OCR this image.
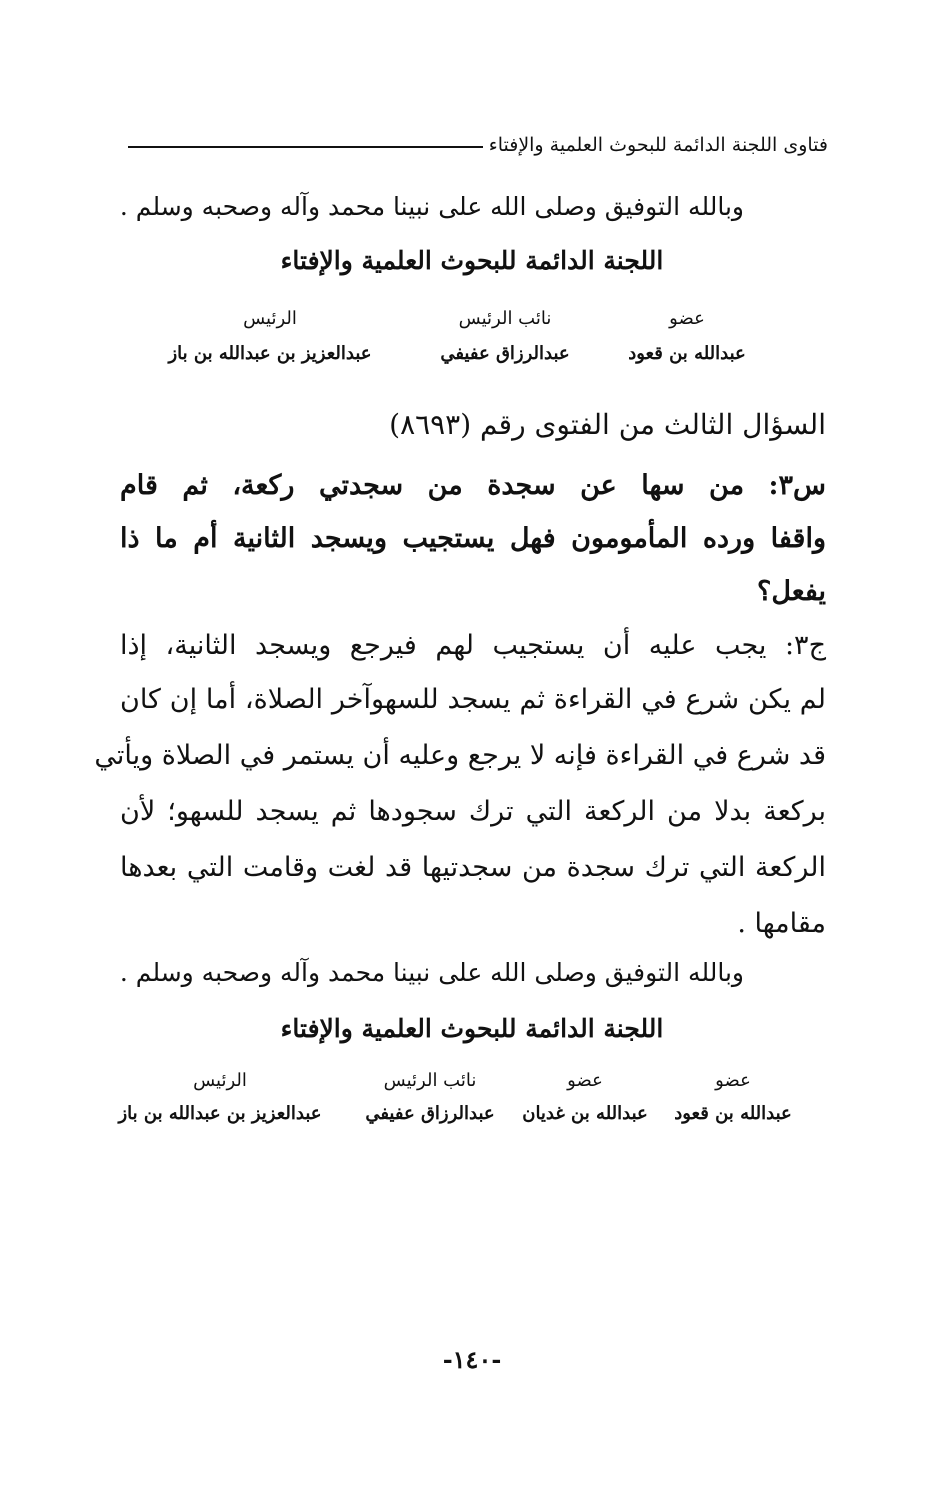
فتاوى اللجنة الدائمة للبحوث العلمية والإفتاء
وبالله التوفيق وصلى الله على نبينا محمد وآله وصحبه وسلم .
اللجنة الدائمة للبحوث العلمية والإفتاء
عضو
عبدالله بن قعود
نائب الرئيس
عبدالرزاق عفيفي
الرئيس
عبدالعزيز بن عبدالله بن باز
السؤال الثالث من الفتوى رقم (٨٦٩٣)
س٣: من سها عن سجدة من سجدتي ركعة، ثم قام
واقفا ورده المأمومون فهل يستجيب ويسجد الثانية أم ما ذا
يفعل؟
ج٣: يجب عليه أن يستجيب لهم فيرجع ويسجد الثانية، إذا
لم يكن شرع في القراءة ثم يسجد للسهوآخر الصلاة، أما إن كان
قد شرع في القراءة فإنه لا يرجع وعليه أن يستمر في الصلاة ويأتي
بركعة بدلا من الركعة التي ترك سجودها ثم يسجد للسهو؛ لأن
الركعة التي ترك سجدة من سجدتيها قد لغت وقامت التي بعدها
مقامها .
وبالله التوفيق وصلى الله على نبينا محمد وآله وصحبه وسلم .
اللجنة الدائمة للبحوث العلمية والإفتاء
عضو
عبدالله بن قعود
عضو
عبدالله بن غديان
نائب الرئيس
عبدالرزاق عفيفي
الرئيس
عبدالعزيز بن عبدالله بن باز
-١٤٠-
